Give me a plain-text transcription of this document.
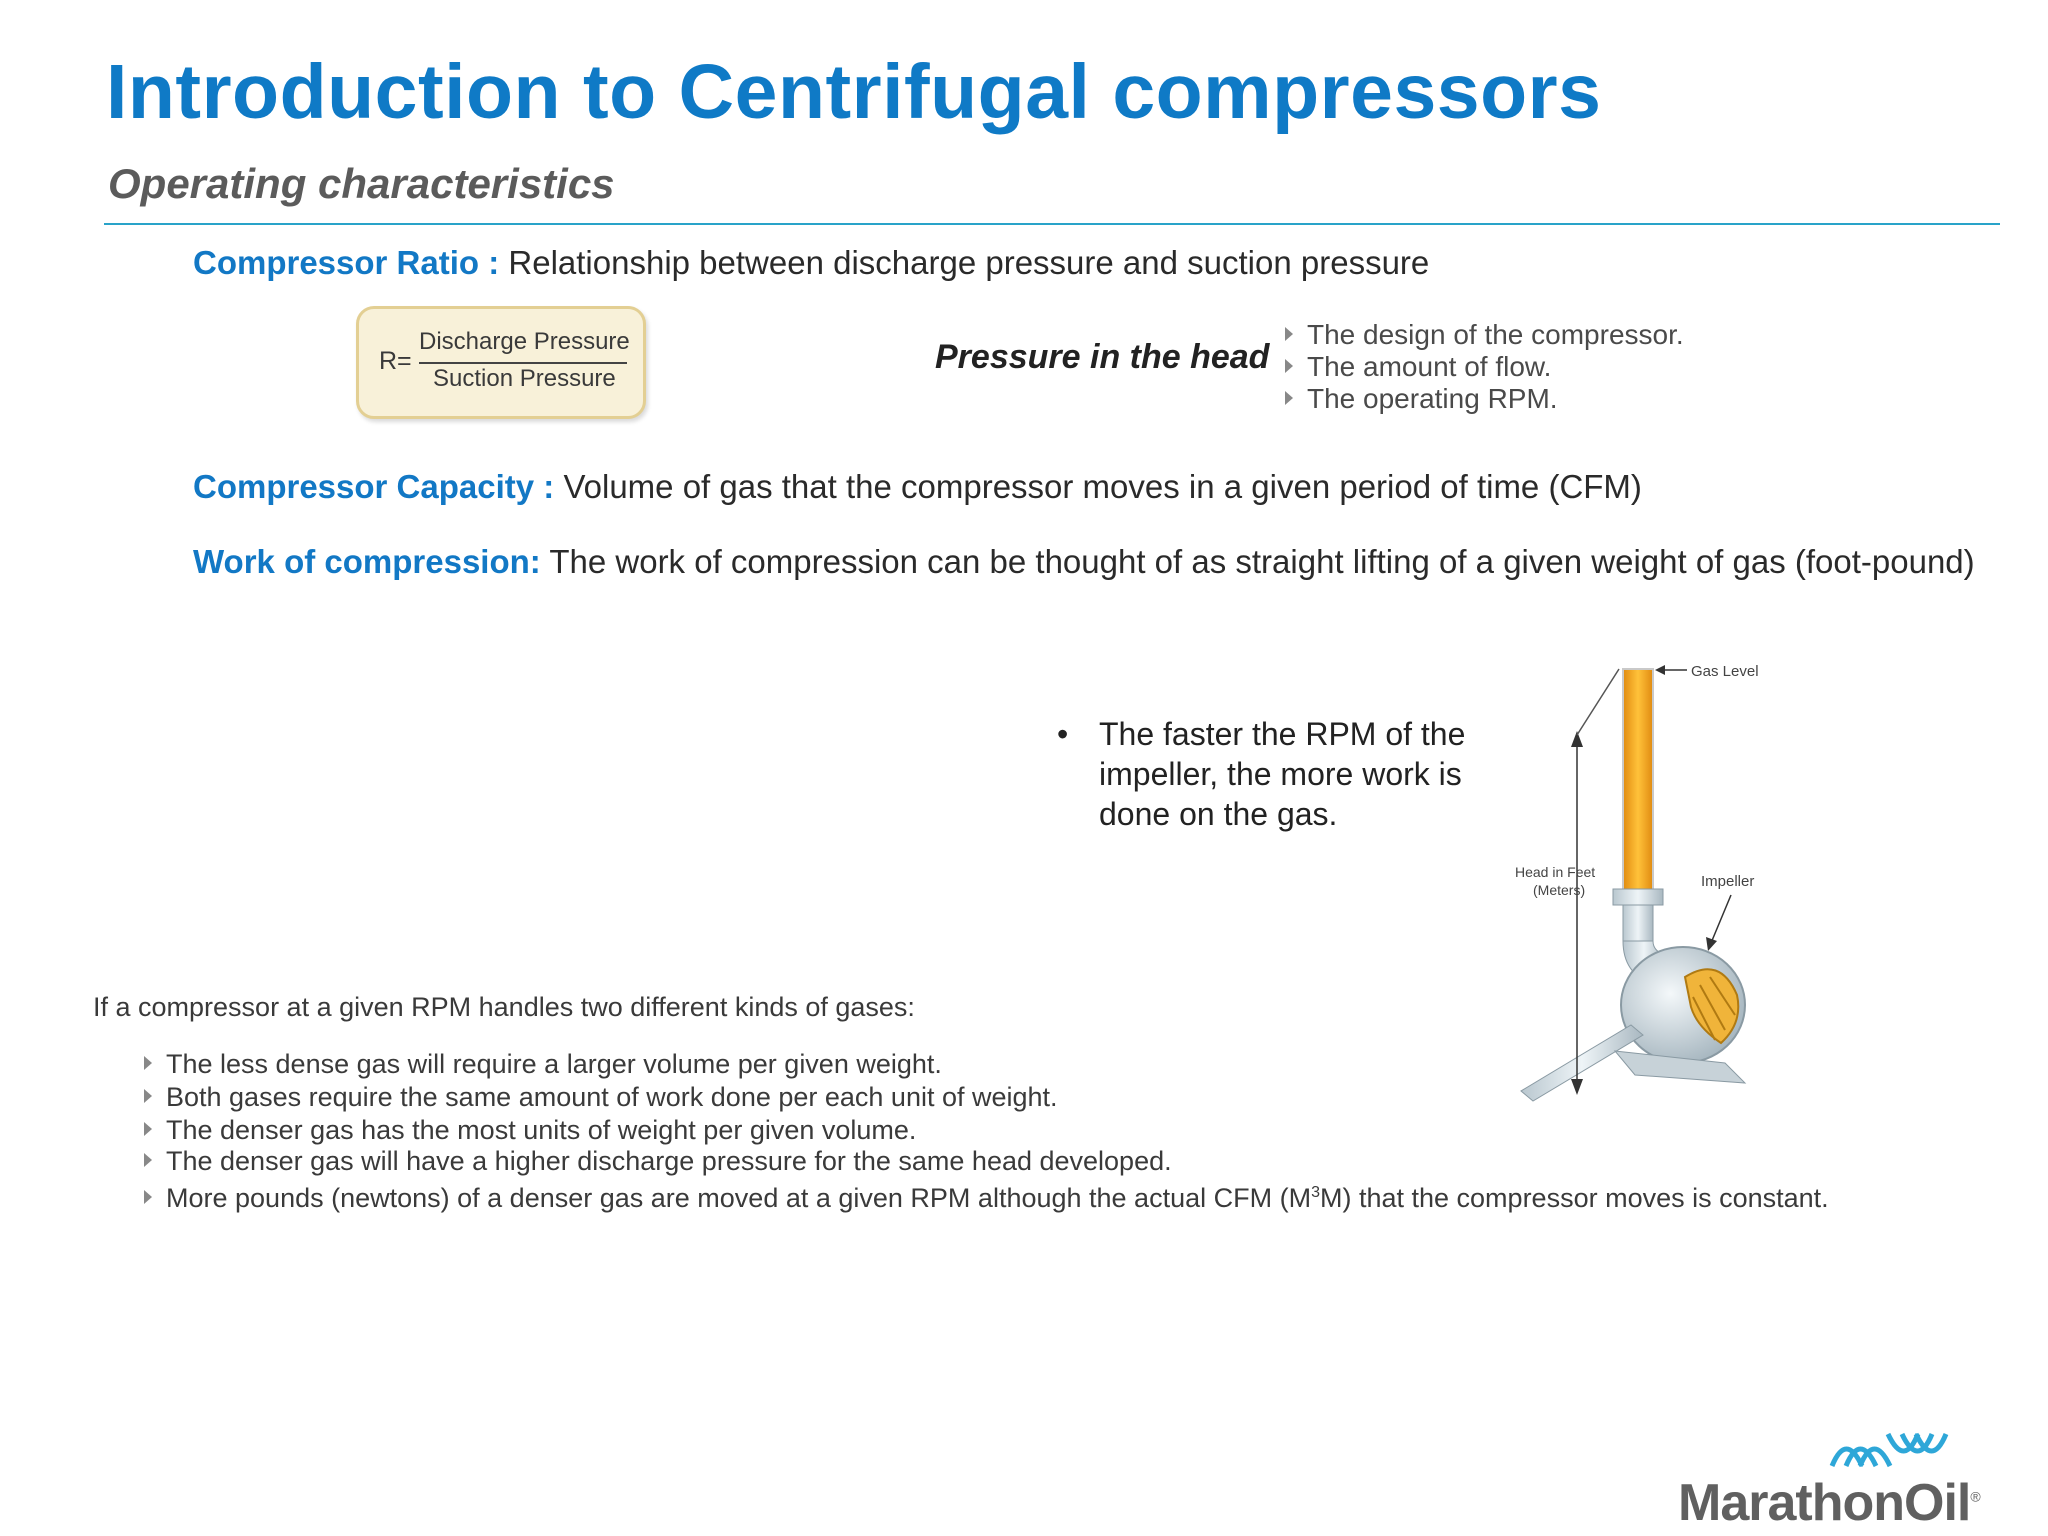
Introduction to Centrifugal compressors
Operating characteristics
Compressor Ratio : Relationship between discharge pressure and suction pressure
R=
Discharge Pressure
Suction Pressure
Pressure in the head
The design of the compressor.
The amount of flow.
The operating RPM.
Compressor Capacity : Volume of gas that the compressor moves in a given period of time (CFM)
Work of compression: The work of compression can be thought of as straight lifting of a given weight of gas (foot-pound)
• The faster the RPM of the impeller, the more work is done on the gas.
Gas Level
Head in Feet
(Meters)	Impeller
If a compressor at a given RPM handles two different kinds of gases:
The less dense gas will require a larger volume per given weight.
Both gases require the same amount of work done per each unit of weight.
The denser gas has the most units of weight per given volume.
The denser gas will have a higher discharge pressure for the same head developed.
More pounds (newtons) of a denser gas are moved at a given RPM although the actual CFM $(M^3M)$ that the compressor moves is constant.
MarathonOil®
